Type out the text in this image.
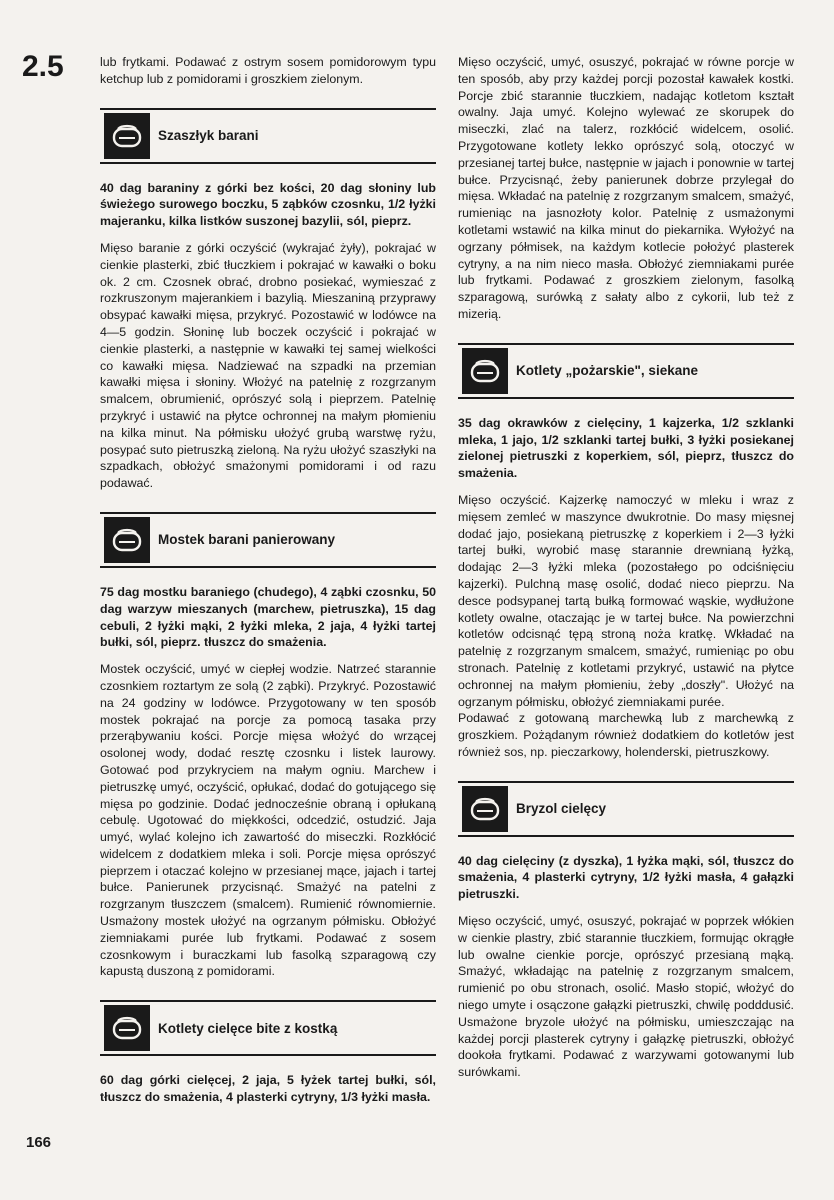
2.5	lub frytkami. Podawać z ostrym sosem pomidorowym typu ketchup lub z pomidorami i groszkiem zielonym.

Szaszłyk barani

40 dag baraniny z górki bez kości, 20 dag słoniny lub świeżego surowego boczku, 5 ząbków czosnku, 1/2 łyżki majeranku, kilka listków suszonej bazylii, sól, pieprz.

Mięso baranie z górki oczyścić (wykrajać żyły), pokrajać w cienkie plasterki, zbić tłuczkiem i pokrajać w kawałki o boku ok. 2 cm. Czosnek obrać, drobno posiekać, wymieszać z rozkruszonym majerankiem i bazylią. Mieszaniną przyprawy obsypać kawałki mięsa, przykryć. Pozostawić w lodówce na 4—5 godzin. Słoninę lub boczek oczyścić i pokrajać w cienkie plasterki, a następnie w kawałki tej samej wielkości co kawałki mięsa. Nadziewać na szpadki na przemian kawałki mięsa i słoniny. Włożyć na patelnię z rozgrzanym smalcem, obrumienić, oprószyć solą i pieprzem. Patelnię przykryć i ustawić na płytce ochronnej na małym płomieniu na kilka minut. Na półmisku ułożyć grubą warstwę ryżu, posypać suto pietruszką zieloną. Na ryżu ułożyć szaszłyki na szpadkach, obłożyć smażonymi pomidorami i od razu podawać.

Mostek barani panierowany

75 dag mostku baraniego (chudego), 4 ząbki czosnku, 50 dag warzyw mieszanych (marchew, pietruszka), 15 dag cebuli, 2 łyżki mąki, 2 łyżki mleka, 2 jaja, 4 łyżki tartej bułki, sól, pieprz. tłuszcz do smażenia.

Mostek oczyścić, umyć w ciepłej wodzie. Natrzeć starannie czosnkiem roztartym ze solą (2 ząbki). Przykryć. Pozostawić na 24 godziny w lodówce. Przygotowany w ten sposób mostek pokrajać na porcje za pomocą tasaka przy przerąbywaniu kości. Porcje mięsa włożyć do wrzącej osolonej wody, dodać resztę czosnku i listek laurowy. Gotować pod przykryciem na małym ogniu. Marchew i pietruszkę umyć, oczyścić, opłukać, dodać do gotującego się mięsa po godzinie. Dodać jednocześnie obraną i opłukaną cebulę. Ugotować do miękkości, odcedzić, ostudzić. Jaja umyć, wylać kolejno ich zawartość do miseczki. Rozkłócić widelcem z dodatkiem mleka i soli. Porcje mięsa oprószyć pieprzem i otaczać kolejno w przesianej mące, jajach i tartej bułce. Panierunek przycisnąć. Smażyć na patelni z rozgrzanym tłuszczem (smalcem). Rumienić równomiernie. Usmażony mostek ułożyć na ogrzanym półmisku. Obłożyć ziemniakami purée lub frytkami. Podawać z sosem czosnkowym i buraczkami lub fasolką szparagową czy kapustą duszoną z pomidorami.

Kotlety cielęce bite z kostką

60 dag górki cielęcej, 2 jaja, 5 łyżek tartej bułki, sól, tłuszcz do smażenia, 4 plasterki cytryny, 1/3 łyżki masła.

Mięso oczyścić, umyć, osuszyć, pokrajać w równe porcje w ten sposób, aby przy każdej porcji pozostał kawałek kostki. Porcje zbić starannie tłuczkiem, nadając kotletom kształt owalny. Jaja umyć. Kolejno wylewać ze skorupek do miseczki, zlać na talerz, rozkłócić widelcem, osolić. Przygotowane kotlety lekko oprószyć solą, otoczyć w przesianej tartej bułce, następnie w jajach i ponownie w tartej bułce. Przycisnąć, żeby panierunek dobrze przylegał do mięsa. Wkładać na patelnię z rozgrzanym smalcem, smażyć, rumieniąc na jasnozłoty kolor. Patelnię z usmażonymi kotletami wstawić na kilka minut do piekarnika. Wyłożyć na ogrzany półmisek, na każdym kotlecie położyć plasterek cytryny, a na nim nieco masła. Obłożyć ziemniakami purée lub frytkami. Podawać z groszkiem zielonym, fasolką szparagową, surówką z sałaty albo z cykorii, lub też z mizerią.

Kotlety „pożarskie", siekane

35 dag okrawków z cielęciny, 1 kajzerka, 1/2 szklanki mleka, 1 jajo, 1/2 szklanki tartej bułki, 3 łyżki posiekanej zielonej pietruszki z koperkiem, sól, pieprz, tłuszcz do smażenia.

Mięso oczyścić. Kajzerkę namoczyć w mleku i wraz z mięsem zemleć w maszynce dwukrotnie. Do masy mięsnej dodać jajo, posiekaną pietruszkę z koperkiem i 2—3 łyżki tartej bułki, wyrobić masę starannie drewnianą łyżką, dodając 2—3 łyżki mleka (pozostałego po odciśnięciu kajzerki). Pulchną masę osolić, dodać nieco pieprzu. Na desce podsypanej tartą bułką formować wąskie, wydłużone kotlety owalne, otaczając je w tartej bułce. Na powierzchni kotletów odcisnąć tępą stroną noża kratkę. Wkładać na patelnię z rozgrzanym smalcem, smażyć, rumieniąc po obu stronach. Patelnię z kotletami przykryć, ustawić na płytce ochronnej na małym płomieniu, żeby „doszły". Ułożyć na ogrzanym półmisku, obłożyć ziemniakami purée.

Podawać z gotowaną marchewką lub z marchewką z groszkiem. Pożądanym również dodatkiem do kotletów jest również sos, np. pieczarkowy, holenderski, pietruszkowy.

Bryzol cielęcy

40 dag cielęciny (z dyszka), 1 łyżka mąki, sól, tłuszcz do smażenia, 4 plasterki cytryny, 1/2 łyżki masła, 4 gałązki pietruszki.

Mięso oczyścić, umyć, osuszyć, pokrajać w poprzek włókien w cienkie plastry, zbić starannie tłuczkiem, formując okrągłe lub owalne cienkie porcje, oprószyć przesianą mąką. Smażyć, wkładając na patelnię z rozgrzanym smalcem, rumienić po obu stronach, osolić. Masło stopić, włożyć do niego umyte i osączone gałązki pietruszki, chwilę podddusić. Usmażone bryzole ułożyć na półmisku, umieszczając na każdej porcji plasterek cytryny i gałązkę pietruszki, obłożyć dookoła frytkami. Podawać z warzywami gotowanymi lub surówkami.

166
